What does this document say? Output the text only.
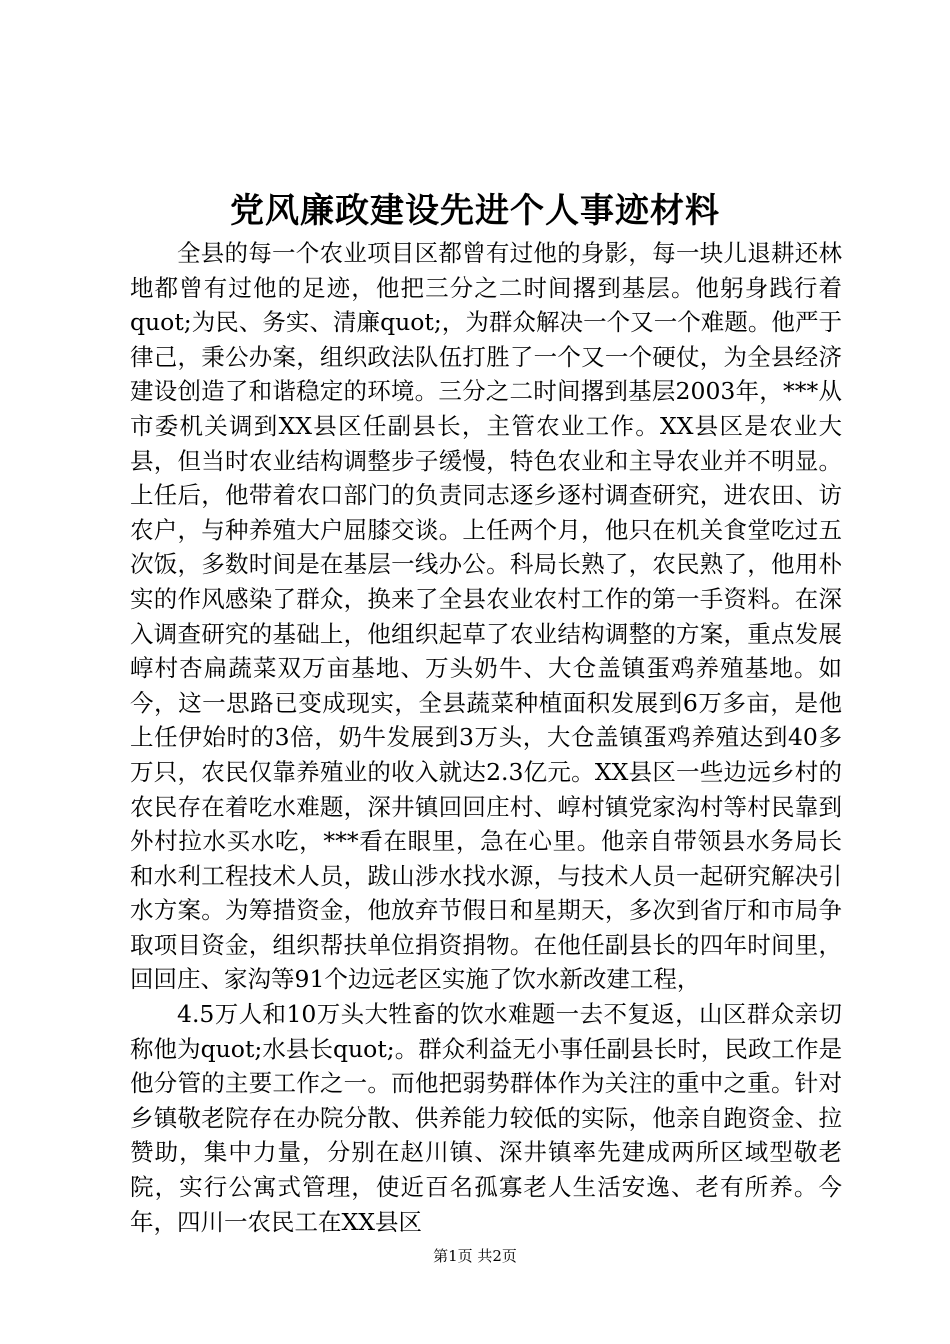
党风廉政建设先进个人事迹材料

全县的每一个农业项目区都曾有过他的身影，每一块儿退耕还林地都曾有过他的足迹，他把三分之二时间撂到基层。他躬身践行着quot;为民、务实、清廉quot;，为群众解决一个又一个难题。他严于律己，秉公办案，组织政法队伍打胜了一个又一个硬仗，为全县经济建设创造了和谐稳定的环境。三分之二时间撂到基层2003年，***从市委机关调到XX县区任副县长，主管农业工作。XX县区是农业大县，但当时农业结构调整步子缓慢，特色农业和主导农业并不明显。上任后，他带着农口部门的负责同志逐乡逐村调查研究，进农田、访农户，与种养殖大户屈膝交谈。上任两个月，他只在机关食堂吃过五次饭，多数时间是在基层一线办公。科局长熟了，农民熟了，他用朴实的作风感染了群众，换来了全县农业农村工作的第一手资料。在深入调查研究的基础上，他组织起草了农业结构调整的方案，重点发展崞村杏扁蔬菜双万亩基地、万头奶牛、大仓盖镇蛋鸡养殖基地。如今，这一思路已变成现实，全县蔬菜种植面积发展到6万多亩，是他上任伊始时的3倍，奶牛发展到3万头，大仓盖镇蛋鸡养殖达到40多万只，农民仅靠养殖业的收入就达2.3亿元。XX县区一些边远乡村的农民存在着吃水难题，深井镇回回庄村、崞村镇党家沟村等村民靠到外村拉水买水吃，***看在眼里，急在心里。他亲自带领县水务局长和水利工程技术人员，跋山涉水找水源，与技术人员一起研究解决引水方案。为筹措资金，他放弃节假日和星期天，多次到省厅和市局争取项目资金，组织帮扶单位捐资捐物。在他任副县长的四年时间里，回回庄、家沟等91个边远老区实施了饮水新改建工程，

4.5万人和10万头大牲畜的饮水难题一去不复返，山区群众亲切称他为quot;水县长quot;。群众利益无小事任副县长时，民政工作是他分管的主要工作之一。而他把弱势群体作为关注的重中之重。针对乡镇敬老院存在办院分散、供养能力较低的实际，他亲自跑资金、拉赞助，集中力量，分别在赵川镇、深井镇率先建成两所区域型敬老院，实行公寓式管理，使近百名孤寡老人生活安逸、老有所养。今年，四川一农民工在XX县区

第1页 共2页
